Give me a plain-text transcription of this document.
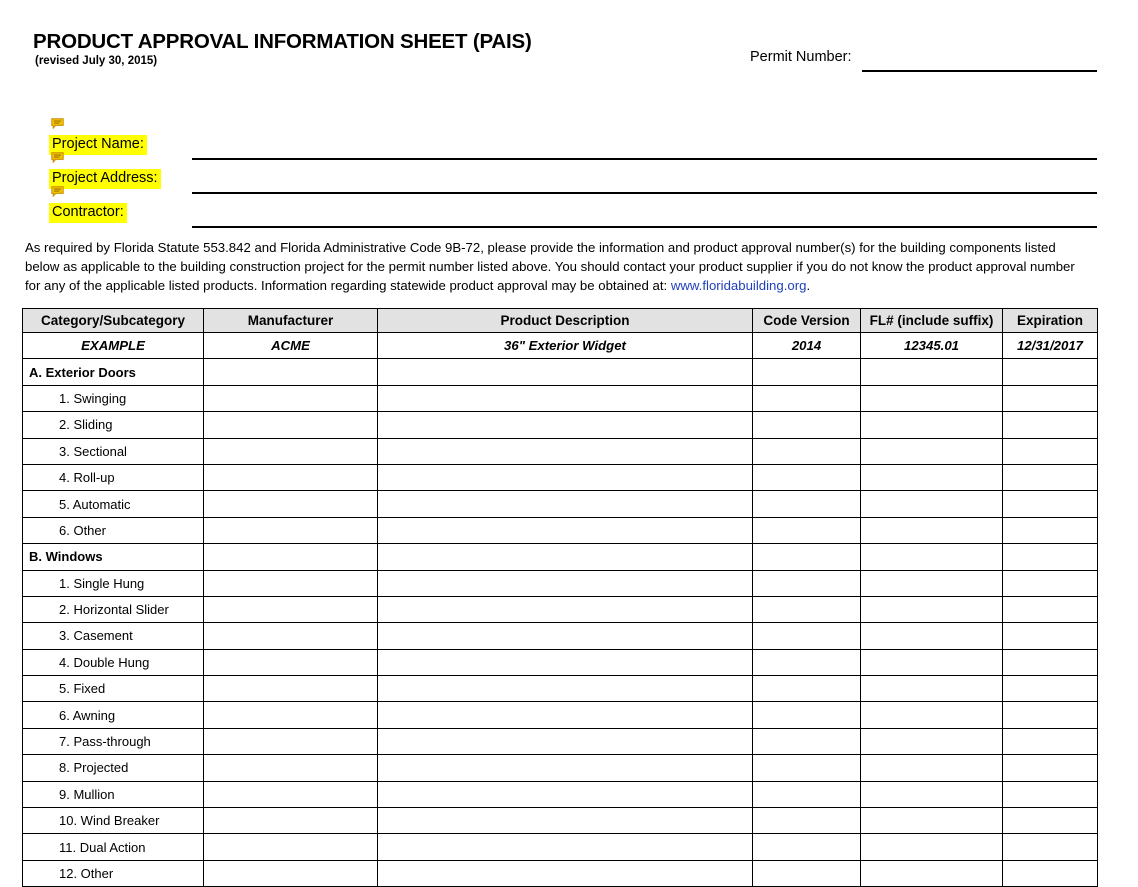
PRODUCT APPROVAL INFORMATION SHEET (PAIS)
(revised July 30, 2015)	Permit Number:
Project Name:
Project Address:
Contractor:
As required by Florida Statute 553.842 and Florida Administrative Code 9B-72, please provide the information and product approval number(s) for the building components listed below as applicable to the building construction project for the permit number listed above. You should contact your product supplier if you do not know the product approval number for any of the applicable listed products. Information regarding statewide product approval may be obtained at: www.floridabuilding.org.
Category/Subcategory	Manufacturer	Product Description	Code Version	FL# (include suffix)	Expiration
EXAMPLE	ACME	36" Exterior Widget	2014	12345.01	12/31/2017
A. Exterior Doors					
1. Swinging					
2. Sliding					
3. Sectional					
4. Roll-up					
5. Automatic					
6. Other					
B. Windows					
1. Single Hung					
2. Horizontal Slider					
3. Casement					
4. Double Hung					
5. Fixed					
6. Awning					
7. Pass-through					
8. Projected					
9. Mullion					
10. Wind Breaker					
11. Dual Action					
12. Other					
